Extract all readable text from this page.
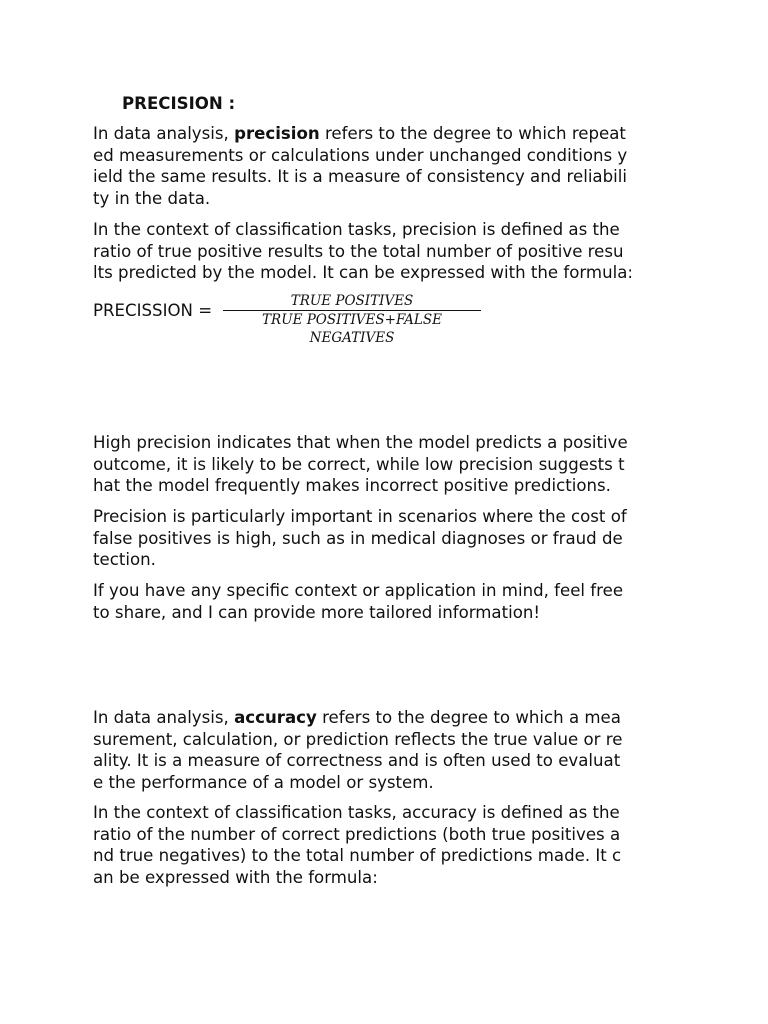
PRECISION :

In data analysis, precision refers to the degree to which repeat
ed measurements or calculations under unchanged conditions y
ield the same results. It is a measure of consistency and reliabili
ty in the data.

In the context of classification tasks, precision is defined as the
ratio of true positive results to the total number of positive resu
lts predicted by the model. It can be expressed with the formula:

PRECISSION =	TRUE POSITIVES
TRUE POSITIVES+FALSE NEGATIVES

High precision indicates that when the model predicts a positive
outcome, it is likely to be correct, while low precision suggests t
hat the model frequently makes incorrect positive predictions.

Precision is particularly important in scenarios where the cost of
false positives is high, such as in medical diagnoses or fraud de
tection.

If you have any specific context or application in mind, feel free
to share, and I can provide more tailored information!

In data analysis, accuracy refers to the degree to which a mea
surement, calculation, or prediction reflects the true value or re
ality. It is a measure of correctness and is often used to evaluat
e the performance of a model or system.

In the context of classification tasks, accuracy is defined as the
ratio of the number of correct predictions (both true positives a
nd true negatives) to the total number of predictions made. It c
an be expressed with the formula:
